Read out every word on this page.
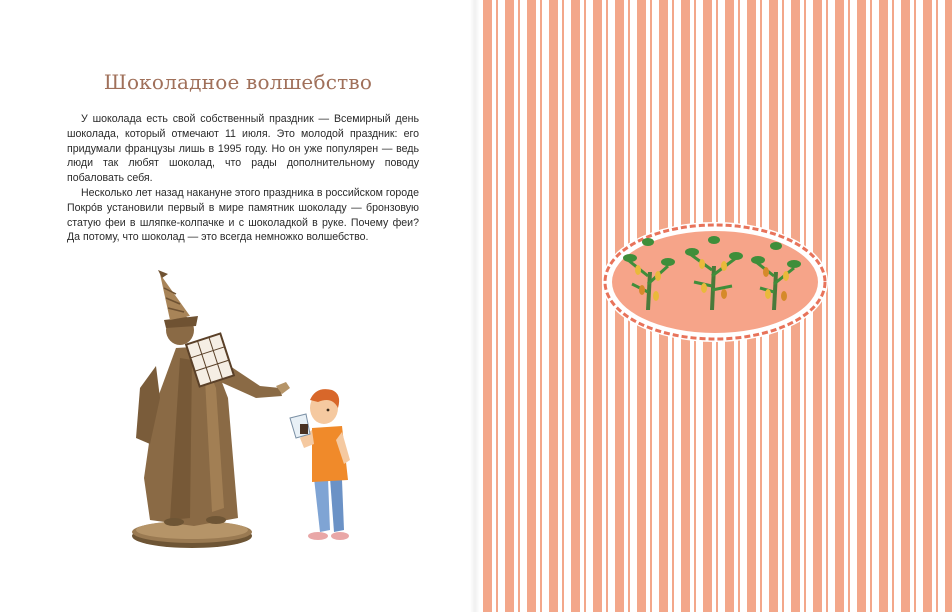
Шоколадное волшебство

У шоколада есть свой собственный праздник — Всемирный день шоколада, который отмечают 11 июля. Это молодой праздник: его придумали французы лишь в 1995 году. Но он уже популярен — ведь люди так любят шоколад, что рады дополнительному поводу побаловать себя.

Несколько лет назад накануне этого праздника в российском городе Покро́в установили первый в мире памятник шоколаду — бронзовую статую феи в шляпке-колпачке и с шоколадкой в руке. Почему феи? Да потому, что шоколад — это всегда немножко волшебство.
